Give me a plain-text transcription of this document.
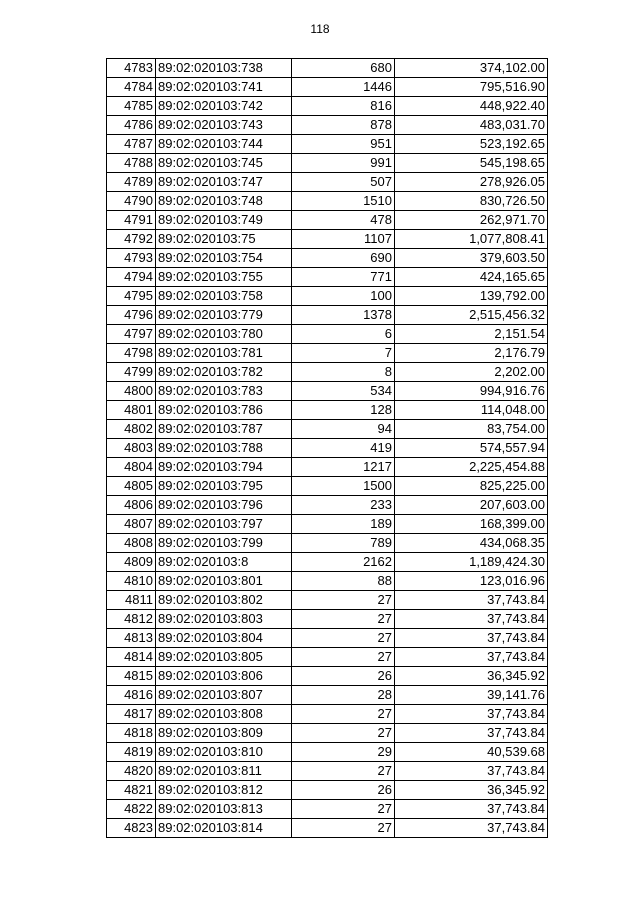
118
4783	89:02:020103:738	680	374,102.00
4784	89:02:020103:741	1446	795,516.90
4785	89:02:020103:742	816	448,922.40
4786	89:02:020103:743	878	483,031.70
4787	89:02:020103:744	951	523,192.65
4788	89:02:020103:745	991	545,198.65
4789	89:02:020103:747	507	278,926.05
4790	89:02:020103:748	1510	830,726.50
4791	89:02:020103:749	478	262,971.70
4792	89:02:020103:75	1107	1,077,808.41
4793	89:02:020103:754	690	379,603.50
4794	89:02:020103:755	771	424,165.65
4795	89:02:020103:758	100	139,792.00
4796	89:02:020103:779	1378	2,515,456.32
4797	89:02:020103:780	6	2,151.54
4798	89:02:020103:781	7	2,176.79
4799	89:02:020103:782	8	2,202.00
4800	89:02:020103:783	534	994,916.76
4801	89:02:020103:786	128	114,048.00
4802	89:02:020103:787	94	83,754.00
4803	89:02:020103:788	419	574,557.94
4804	89:02:020103:794	1217	2,225,454.88
4805	89:02:020103:795	1500	825,225.00
4806	89:02:020103:796	233	207,603.00
4807	89:02:020103:797	189	168,399.00
4808	89:02:020103:799	789	434,068.35
4809	89:02:020103:8	2162	1,189,424.30
4810	89:02:020103:801	88	123,016.96
4811	89:02:020103:802	27	37,743.84
4812	89:02:020103:803	27	37,743.84
4813	89:02:020103:804	27	37,743.84
4814	89:02:020103:805	27	37,743.84
4815	89:02:020103:806	26	36,345.92
4816	89:02:020103:807	28	39,141.76
4817	89:02:020103:808	27	37,743.84
4818	89:02:020103:809	27	37,743.84
4819	89:02:020103:810	29	40,539.68
4820	89:02:020103:811	27	37,743.84
4821	89:02:020103:812	26	36,345.92
4822	89:02:020103:813	27	37,743.84
4823	89:02:020103:814	27	37,743.84
